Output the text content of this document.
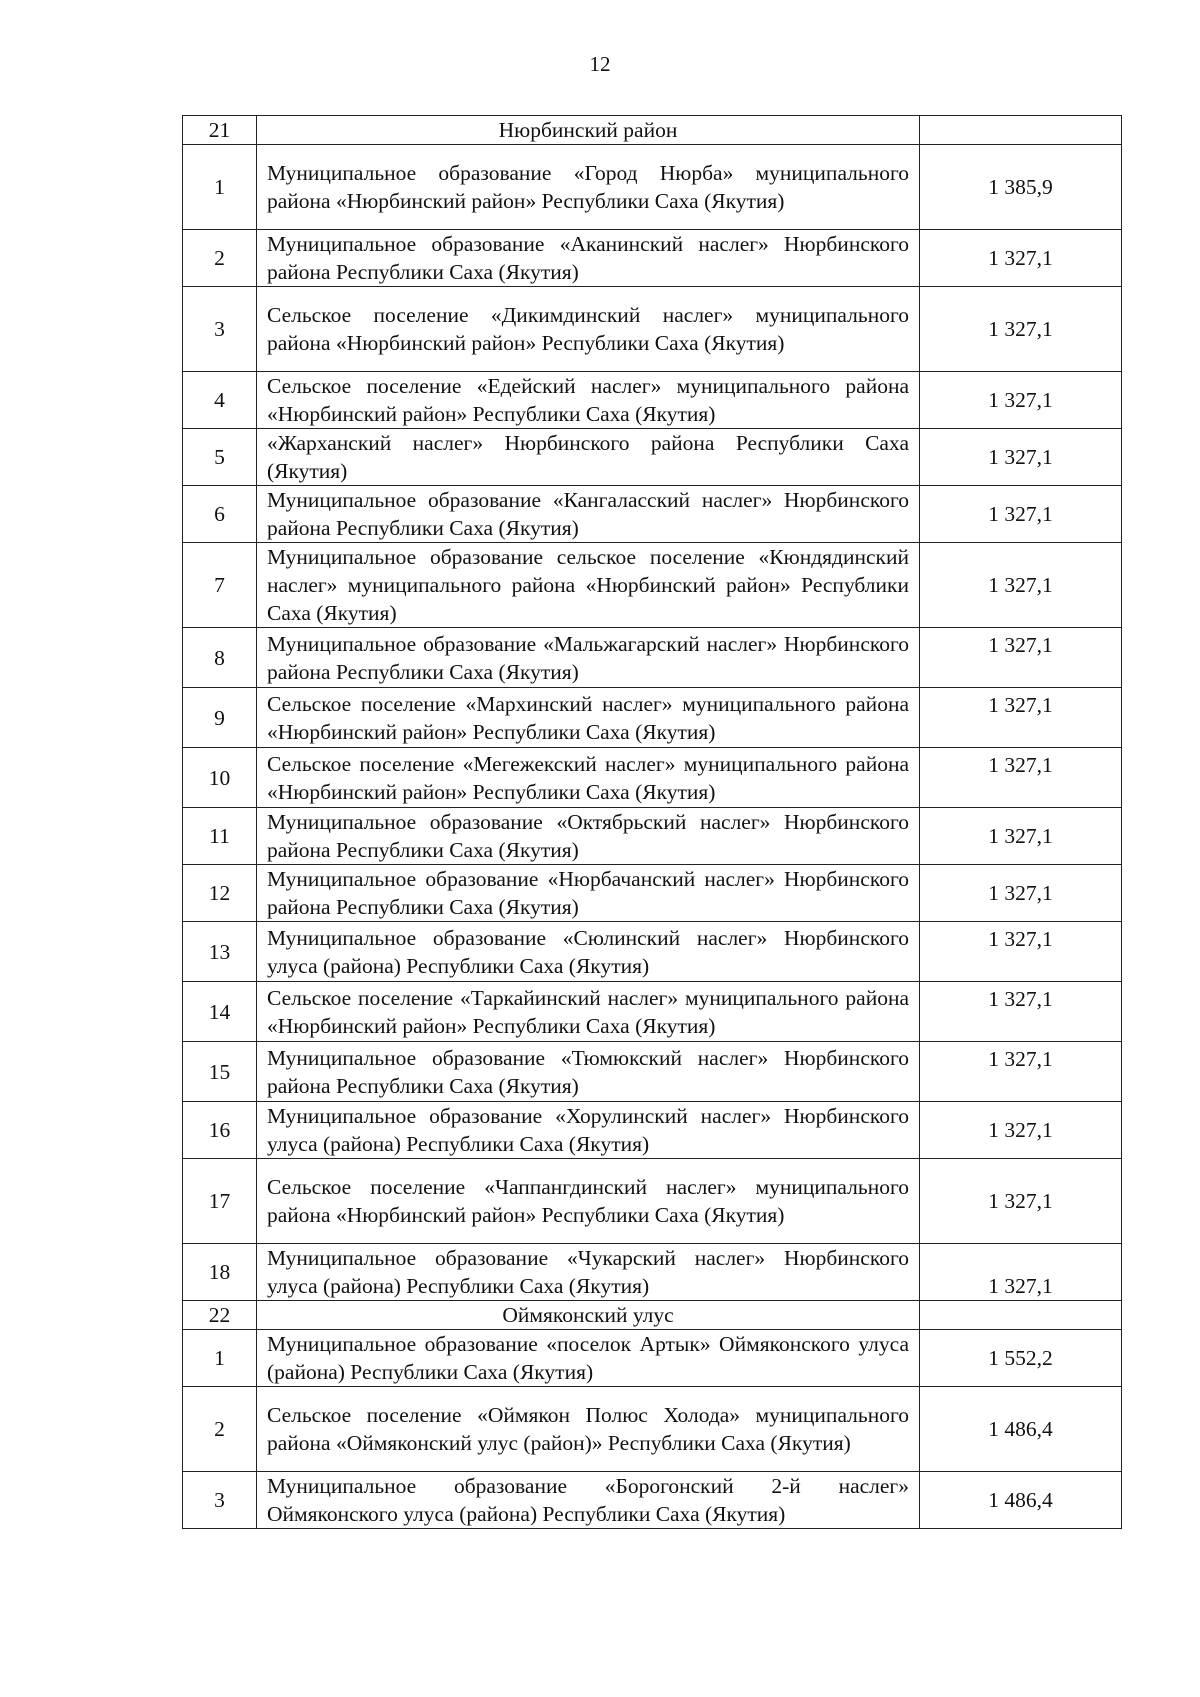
12
21	Нюрбинский район	
1	Муниципальное образование «Город Нюрба» муниципального района «Нюрбинский район» Республики Саха (Якутия)	1 385,9
2	Муниципальное образование «Аканинский наслег» Нюрбинского района Республики Саха (Якутия)	1 327,1
3	Сельское поселение «Дикимдинский наслег» муниципального района «Нюрбинский район» Республики Саха (Якутия)	1 327,1
4	Сельское поселение «Едейский наслег» муниципального района «Нюрбинский район» Республики Саха (Якутия)	1 327,1
5	«Жарханский наслег» Нюрбинского района Республики Саха (Якутия)	1 327,1
6	Муниципальное образование «Кангаласский наслег» Нюрбинского района Республики Саха (Якутия)	1 327,1
7	Муниципальное образование сельское поселение «Кюндядинский наслег» муниципального района «Нюрбинский район» Республики Саха (Якутия)	1 327,1
8	Муниципальное образование «Мальжагарский наслег» Нюрбинского района Республики Саха (Якутия)	1 327,1
9	Сельское поселение «Мархинский наслег» муниципального района «Нюрбинский район» Республики Саха (Якутия)	1 327,1
10	Сельское поселение «Мегежекский наслег» муниципального района «Нюрбинский район» Республики Саха (Якутия)	1 327,1
11	Муниципальное образование «Октябрьский наслег» Нюрбинского района Республики Саха (Якутия)	1 327,1
12	Муниципальное образование «Нюрбачанский наслег» Нюрбинского района Республики Саха (Якутия)	1 327,1
13	Муниципальное образование «Сюлинский наслег» Нюрбинского улуса (района) Республики Саха (Якутия)	1 327,1
14	Сельское поселение «Таркайинский наслег» муниципального района «Нюрбинский район» Республики Саха (Якутия)	1 327,1
15	Муниципальное образование «Тюмюкский наслег» Нюрбинского района Республики Саха (Якутия)	1 327,1
16	Муниципальное образование «Хорулинский наслег» Нюрбинского улуса (района) Республики Саха (Якутия)	1 327,1
17	Сельское поселение «Чаппангдинский наслег» муниципального района «Нюрбинский район» Республики Саха (Якутия)	1 327,1
18	Муниципальное образование «Чукарский наслег» Нюрбинского улуса (района) Республики Саха (Якутия)	1 327,1
22	Оймяконский улус	
1	Муниципальное образование «поселок Артык» Оймяконского улуса (района) Республики Саха (Якутия)	1 552,2
2	Сельское поселение «Оймякон Полюс Холода» муниципального района «Оймяконский улус (район)» Республики Саха (Якутия)	1 486,4
3	Муниципальное образование «Борогонский 2-й наслег» Оймяконского улуса (района) Республики Саха (Якутия)	1 486,4
